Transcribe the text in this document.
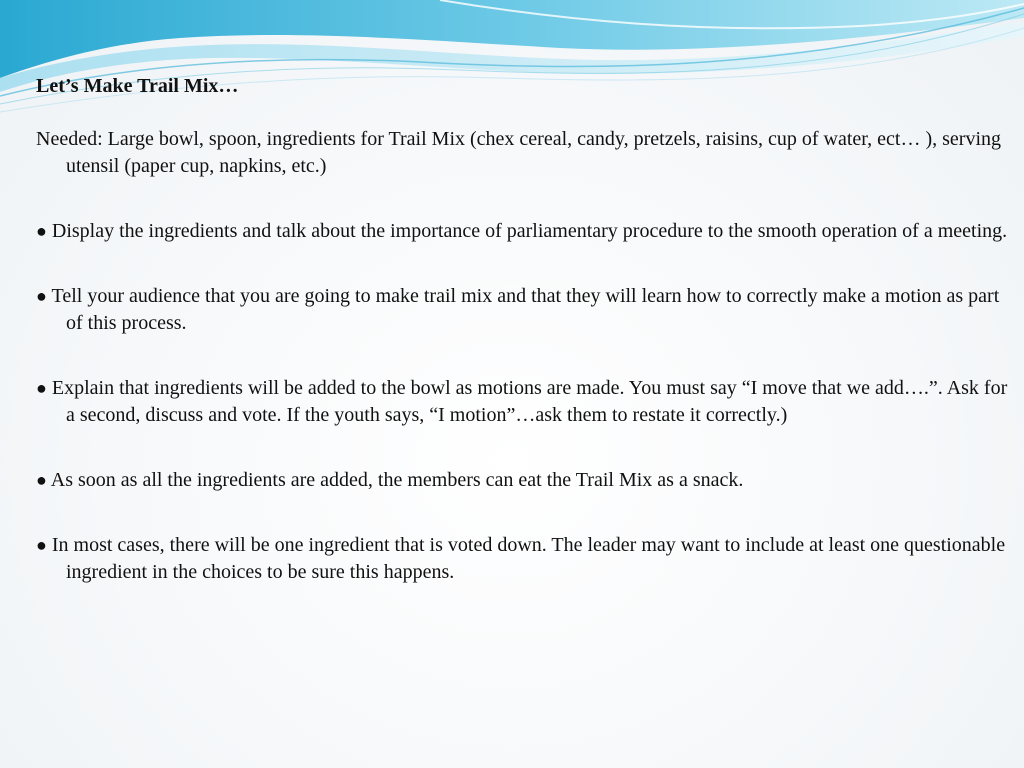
Let’s Make Trail Mix…
Needed: Large bowl, spoon, ingredients for Trail Mix (chex cereal, candy, pretzels, raisins, cup of water, ect… ), serving utensil (paper cup, napkins, etc.)
● Display the ingredients and talk about the importance of parliamentary procedure to the smooth operation of a meeting.
● Tell your audience that you are going to make trail mix and that they will learn how to correctly make a motion as part of this process.
● Explain that ingredients will be added to the bowl as motions are made. You must say “I move that we add….”. Ask for a second, discuss and vote. If the youth says, “I motion”…ask them to restate it correctly.)
● As soon as all the ingredients are added, the members can eat the Trail Mix as a snack.
● In most cases, there will be one ingredient that is voted down. The leader may want to include at least one questionable ingredient in the choices to be sure this happens.
